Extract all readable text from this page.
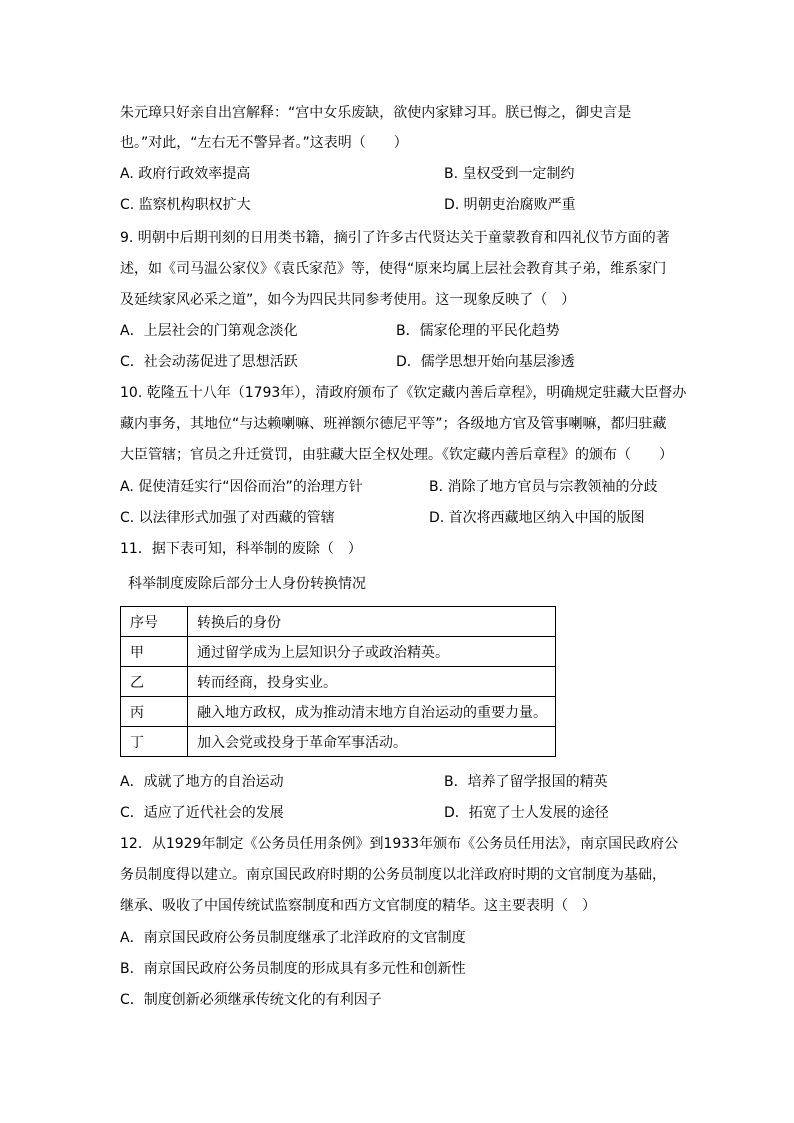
朱元璋只好亲自出宫解释：“宫中女乐废缺，欲使内家肄习耳。朕已悔之，御史言是
也。”对此，“左右无不警异者。”这表明（　　）
A. 政府行政效率提高	B. 皇权受到一定制约
C. 监察机构职权扩大	D. 明朝吏治腐败严重
9. 明朝中后期刊刻的日用类书籍，摘引了许多古代贤达关于童蒙教育和四礼仪节方面的著
述，如《司马温公家仪》《袁氏家范》等，使得“原来均属上层社会教育其子弟，维系家门
及延续家风必采之道”，如今为四民共同参考使用。这一现象反映了（　）
A．上层社会的门第观念淡化	B．儒家伦理的平民化趋势
C．社会动荡促进了思想活跃	D．儒学思想开始向基层渗透
10. 乾隆五十八年（1793年），清政府颁布了《钦定藏内善后章程》，明确规定驻藏大臣督办
藏内事务，其地位“与达赖喇嘛、班禅额尔德尼平等”；各级地方官及管事喇嘛，都归驻藏
大臣管辖；官员之升迁赏罚，由驻藏大臣全权处理。《钦定藏内善后章程》的颁布（　　）
A. 促使清廷实行“因俗而治”的治理方针	B. 消除了地方官员与宗教领袖的分歧
C. 以法律形式加强了对西藏的管辖	D. 首次将西藏地区纳入中国的版图
11．据下表可知，科举制的废除（　）
科举制度废除后部分士人身份转换情况
序号	转换后的身份
甲	通过留学成为上层知识分子或政治精英。
乙	转而经商，投身实业。
丙	融入地方政权，成为推动清末地方自治运动的重要力量。
丁	加入会党或投身于革命军事活动。
A．成就了地方的自治运动	B．培养了留学报国的精英
C．适应了近代社会的发展	D．拓宽了士人发展的途径
12．从1929年制定《公务员任用条例》到1933年颁布《公务员任用法》，南京国民政府公
务员制度得以建立。南京国民政府时期的公务员制度以北洋政府时期的文官制度为基础，
继承、吸收了中国传统试监察制度和西方文官制度的精华。这主要表明（　）
A．南京国民政府公务员制度继承了北洋政府的文官制度
B．南京国民政府公务员制度的形成具有多元性和创新性
C．制度创新必须继承传统文化的有利因子
